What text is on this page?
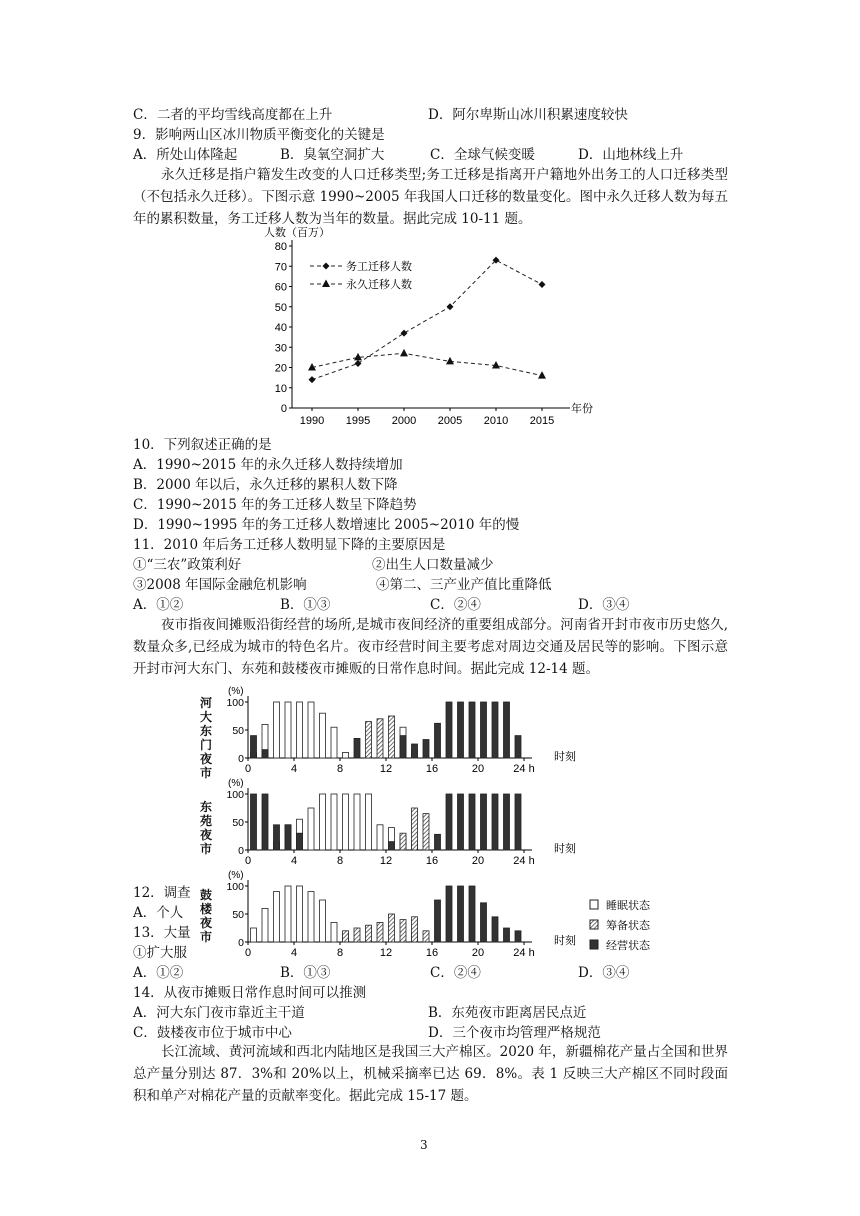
C．二者的平均雪线高度都在上升	D．阿尔卑斯山冰川积累速度较快
9．影响两山区冰川物质平衡变化的关键是
A．所处山体隆起	B．臭氧空洞扩大	C．全球气候变暖	D．山地林线上升
永久迁移是指户籍发生改变的人口迁移类型;务工迁移是指离开户籍地外出务工的人口迁移类型（不包括永久迁移）。下图示意 1990~2005 年我国人口迁移的数量变化。图中永久迁移人数为每五年的累积数量，务工迁移人数为当年的数量。据此完成 10-11 题。
人数（百万）
年份
0
10
20
30
40
50
60
70
80
1990 1995 2000 2005 2010 2015
务工迁移人数
永久迁移人数
10．下列叙述正确的是
A．1990~2015 年的永久迁移人数持续增加
B．2000 年以后，永久迁移的累积人数下降
C．1990~2015 年的务工迁移人数呈下降趋势
D．1990~1995 年的务工迁移人数增速比 2005~2010 年的慢
11．2010 年后务工迁移人数明显下降的主要原因是
①“三农”政策利好	②出生人口数量减少
③2008 年国际金融危机影响	④第二、三产业产值比重降低
A．①②	B．①③	C．②④	D．③④
夜市指夜间摊贩沿街经营的场所,是城市夜间经济的重要组成部分。河南省开封市夜市历史悠久,数量众多,已经成为城市的特色名片。夜市经营时间主要考虑对周边交通及居民等的影响。下图示意开封市河大东门、东苑和鼓楼夜市摊贩的日常作息时间。据此完成 12-14 题。
河大东门夜市
东苑夜市
(%)
时刻
0
50
100
0	4	8	12	16	20	24 h
(%)
时刻
0
50
100
0	4	8	12	16	20	24 h
12．调查
A．个人
13．大量
①扩大服
鼓楼夜市
(%)
时刻
0
50
100
0	4	8	12	16	20	24 h
睡眠状态
筹备状态
经营状态
A．①②	B．①③	C．②④	D．③④
14．从夜市摊贩日常作息时间可以推测
A．河大东门夜市靠近主干道	B．东苑夜市距离居民点近
C．鼓楼夜市位于城市中心	D．三个夜市均管理严格规范
长江流域、黄河流域和西北内陆地区是我国三大产棉区。2020 年，新疆棉花产量占全国和世界总产量分别达 87．3%和 20%以上，机械采摘率已达 69．8%。表 1 反映三大产棉区不同时段面积和单产对棉花产量的贡献率变化。据此完成 15-17 题。
3
